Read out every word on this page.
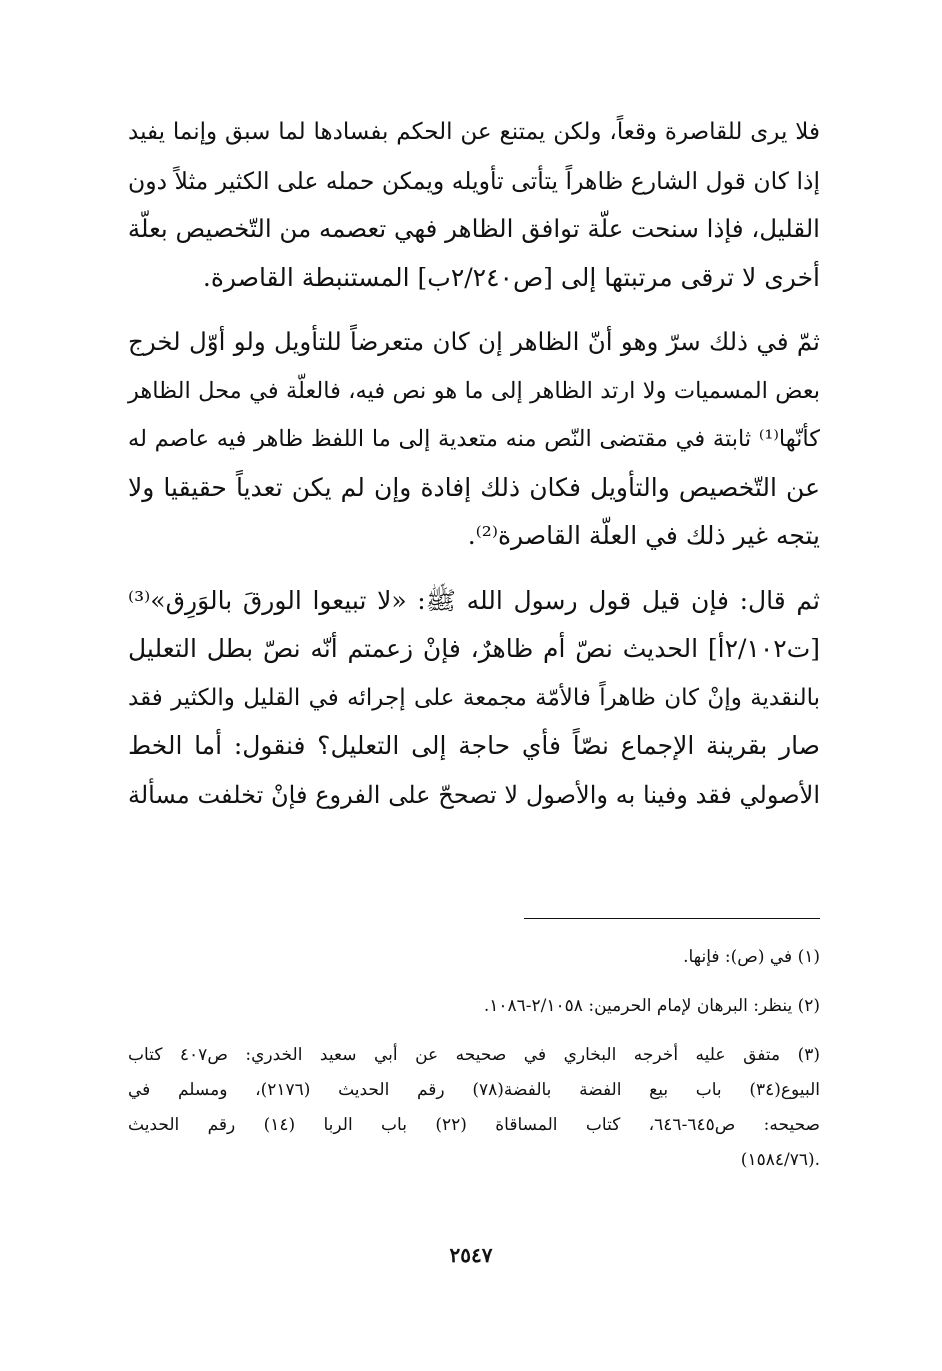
فلا يرى للقاصرة وقعاً، ولكن يمتنع عن الحكم بفسادها لما سبق وإنما يفيد
إذا كان قول الشارع ظاهراً يتأتى تأويله ويمكن حمله على الكثير مثلاً دون
القليل، فإذا سنحت علّة توافق الظاهر فهي تعصمه من التّخصيص بعلّة
أخرى لا ترقى مرتبتها إلى [ص٢/٢٤٠ب] المستنبطة القاصرة.

ثمّ في ذلك سرّ وهو أنّ الظاهر إن كان متعرضاً للتأويل ولو أوّل لخرج
بعض المسميات ولا ارتد الظاهر إلى ما هو نص فيه، فالعلّة في محل الظاهر
كأنّها⁽¹⁾ ثابتة في مقتضى النّص منه متعدية إلى ما اللفظ ظاهر فيه عاصم له
عن التّخصيص والتأويل فكان ذلك إفادة وإن لم يكن تعدياً حقيقيا ولا
يتجه غير ذلك في العلّة القاصرة⁽²⁾.

ثم قال: فإن قيل قول رسول الله ﷺ: «لا تبيعوا الورقَ بالوَرِق»⁽³⁾
[ت٢/١٠٢أ] الحديث نصّ أم ظاهرٌ، فإنْ زعمتم أنّه نصّ بطل التعليل
بالنقدية وإنْ كان ظاهراً فالأمّة مجمعة على إجرائه في القليل والكثير فقد
صار بقرينة الإجماع نصّاً فأي حاجة إلى التعليل؟ فنقول: أما الخط
الأصولي فقد وفينا به والأصول لا تصححّ على الفروع فإنْ تخلفت مسألة

(١) في (ص): فإنها.
(٢) ينظر: البرهان لإمام الحرمين: ٢/١٠٥٨-١٠٨٦.
(٣) متفق عليه أخرجه البخاري في صحيحه عن أبي سعيد الخدري: ص٤٠٧ كتاب
البيوع(٣٤) باب بيع الفضة بالفضة(٧٨) رقم الحديث (٢١٧٦)، ومسلم في
صحيحه: ص٦٤٥-٦٤٦، كتاب المساقاة (٢٢) باب الربا (١٤) رقم الحديث
.(١٥٨٤/٧٦)
٢٥٤٧
